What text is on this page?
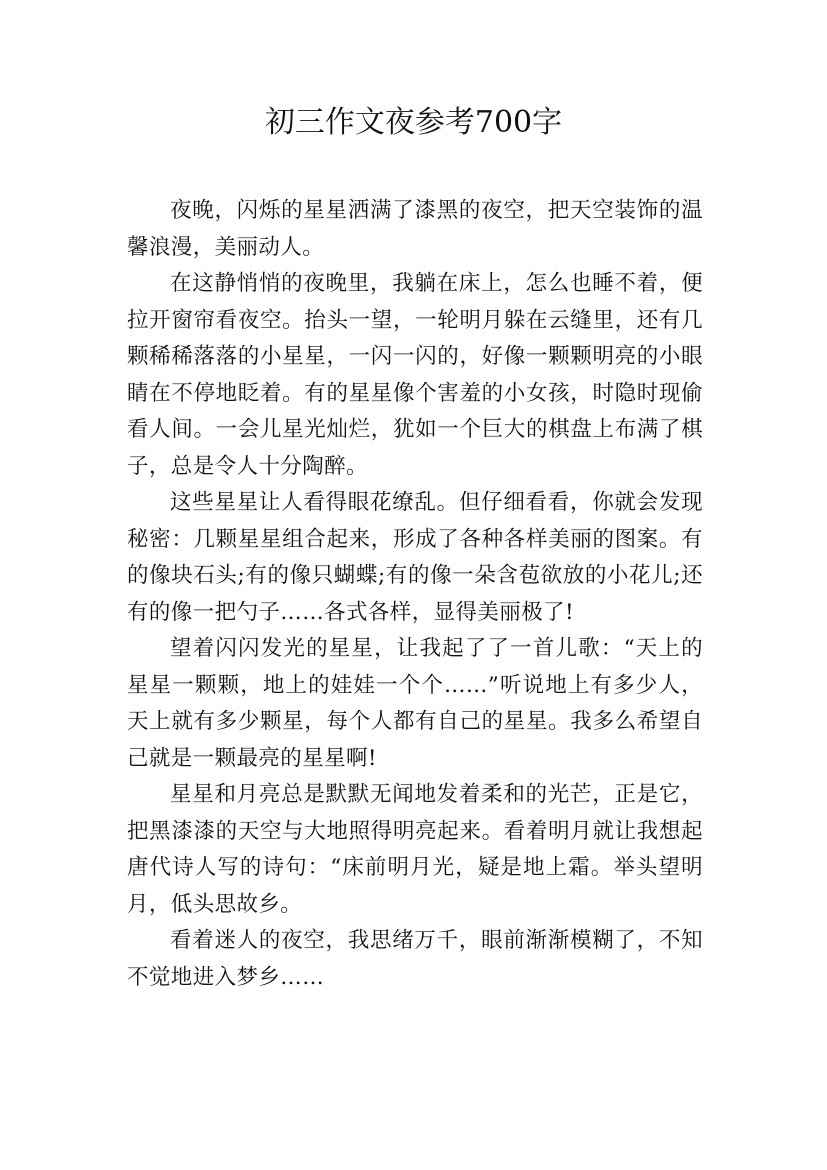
初三作文夜参考700字

夜晚，闪烁的星星洒满了漆黑的夜空，把天空装饰的温馨浪漫，美丽动人。

在这静悄悄的夜晚里，我躺在床上，怎么也睡不着，便拉开窗帘看夜空。抬头一望，一轮明月躲在云缝里，还有几颗稀稀落落的小星星，一闪一闪的，好像一颗颗明亮的小眼睛在不停地眨着。有的星星像个害羞的小女孩，时隐时现偷看人间。一会儿星光灿烂，犹如一个巨大的棋盘上布满了棋子，总是令人十分陶醉。

这些星星让人看得眼花缭乱。但仔细看看，你就会发现秘密：几颗星星组合起来，形成了各种各样美丽的图案。有的像块石头;有的像只蝴蝶;有的像一朵含苞欲放的小花儿;还有的像一把勺子……各式各样，显得美丽极了!

望着闪闪发光的星星，让我起了了一首儿歌：“天上的星星一颗颗，地上的娃娃一个个……”听说地上有多少人，天上就有多少颗星，每个人都有自己的星星。我多么希望自己就是一颗最亮的星星啊!

星星和月亮总是默默无闻地发着柔和的光芒，正是它，把黑漆漆的天空与大地照得明亮起来。看着明月就让我想起唐代诗人写的诗句：“床前明月光，疑是地上霜。举头望明月，低头思故乡。

看着迷人的夜空，我思绪万千，眼前渐渐模糊了，不知不觉地进入梦乡……
